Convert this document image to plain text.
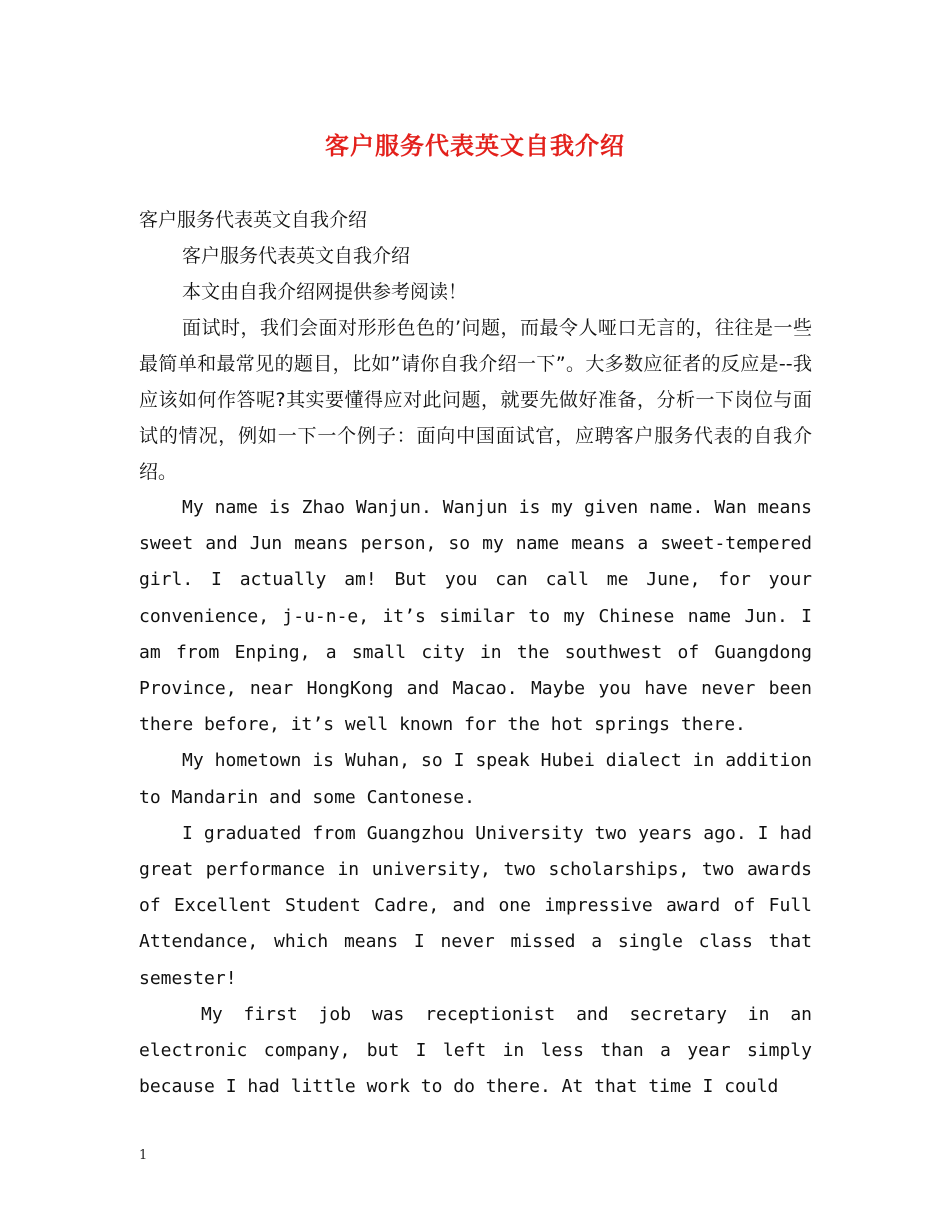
客户服务代表英文自我介绍

客户服务代表英文自我介绍

客户服务代表英文自我介绍

本文由自我介绍网提供参考阅读！

面试时，我们会面对形形色色的’问题，而最令人哑口无言的，往往是一些最简单和最常见的题目，比如”请你自我介绍一下”。大多数应征者的反应是--我应该如何作答呢?其实要懂得应对此问题，就要先做好准备，分析一下岗位与面试的情况，例如一下一个例子：面向中国面试官，应聘客户服务代表的自我介绍。

My name is Zhao Wanjun. Wanjun is my given name. Wan means sweet and Jun means person, so my name means a sweet-tempered girl. I actually am! But you can call me June, for your convenience, j-u-n-e, it’s similar to my Chinese name Jun. I am from Enping, a small city in the southwest of Guangdong Province, near HongKong and Macao. Maybe you have never been there before, it’s well known for the hot springs there.

My hometown is Wuhan, so I speak Hubei dialect in addition to Mandarin and some Cantonese.

I graduated from Guangzhou University two years ago. I had great performance in university, two scholarships, two awards of Excellent Student Cadre, and one impressive award of Full Attendance, which means I never missed a single class that semester!

My first job was receptionist and secretary in an electronic company, but I left in less than a year simply because I had little work to do there. At that time I could

1
